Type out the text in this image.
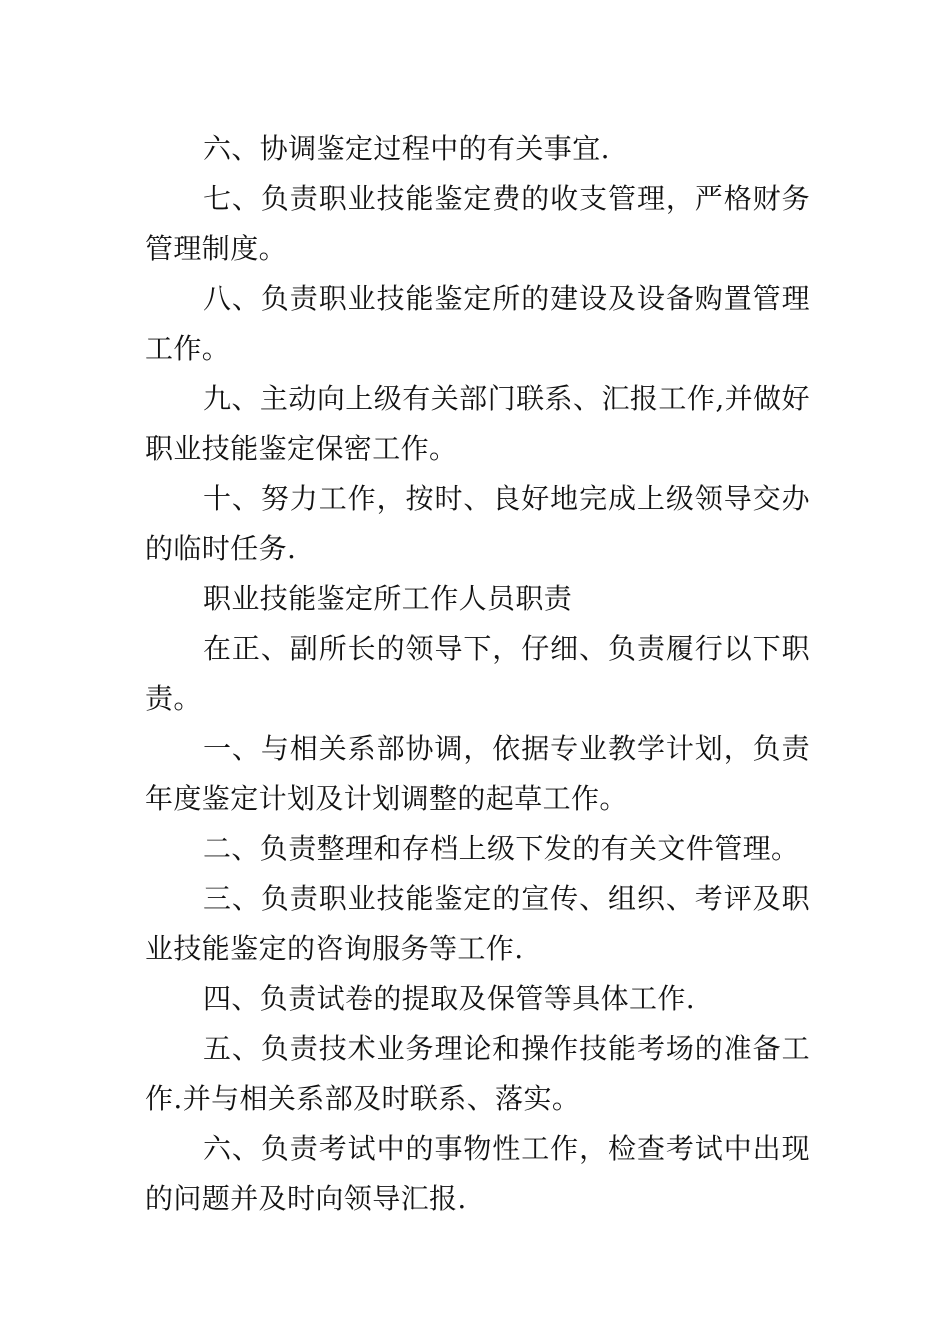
六、协调鉴定过程中的有关事宜.

七、负责职业技能鉴定费的收支管理，严格财务管理制度。

八、负责职业技能鉴定所的建设及设备购置管理工作。

九、主动向上级有关部门联系、汇报工作,并做好职业技能鉴定保密工作。

十、努力工作，按时、良好地完成上级领导交办的临时任务.

职业技能鉴定所工作人员职责

在正、副所长的领导下，仔细、负责履行以下职责。

一、与相关系部协调，依据专业教学计划，负责年度鉴定计划及计划调整的起草工作。

二、负责整理和存档上级下发的有关文件管理。

三、负责职业技能鉴定的宣传、组织、考评及职业技能鉴定的咨询服务等工作.

四、负责试卷的提取及保管等具体工作.

五、负责技术业务理论和操作技能考场的准备工作.并与相关系部及时联系、落实。

六、负责考试中的事物性工作，检查考试中出现的问题并及时向领导汇报.
